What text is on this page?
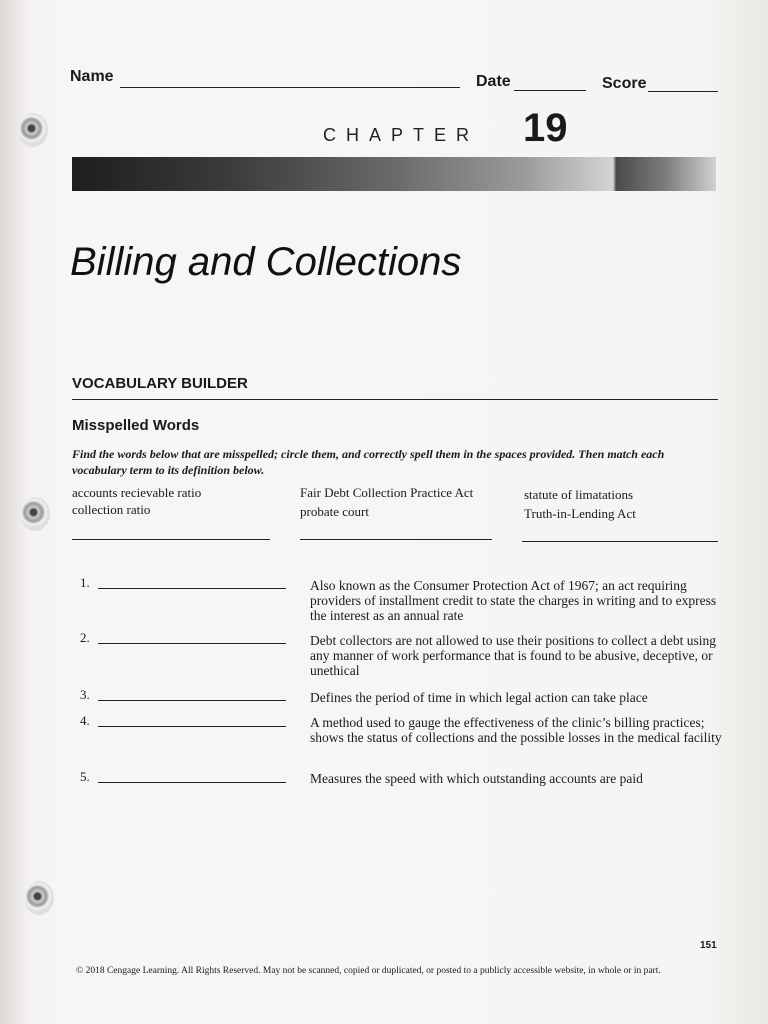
Name	Date	Score
CHAPTER 19
Billing and Collections
VOCABULARY BUILDER
Misspelled Words
Find the words below that are misspelled; circle them, and correctly spell them in the spaces provided. Then match each vocabulary term to its definition below.
accounts recievable ratio	Fair Debt Collection Practice Act	statute of limatations
collection ratio	probate court	Truth-in-Lending Act
1.	Also known as the Consumer Protection Act of 1967; an act requiring providers of installment credit to state the charges in writing and to express the interest as an annual rate
2.	Debt collectors are not allowed to use their positions to collect a debt using any manner of work performance that is found to be abusive, deceptive, or unethical
3.	Defines the period of time in which legal action can take place
4.	A method used to gauge the effectiveness of the clinic’s billing practices; shows the status of collections and the possible losses in the medical facility
5.	Measures the speed with which outstanding accounts are paid
151
© 2018 Cengage Learning. All Rights Reserved. May not be scanned, copied or duplicated, or posted to a publicly accessible website, in whole or in part.
